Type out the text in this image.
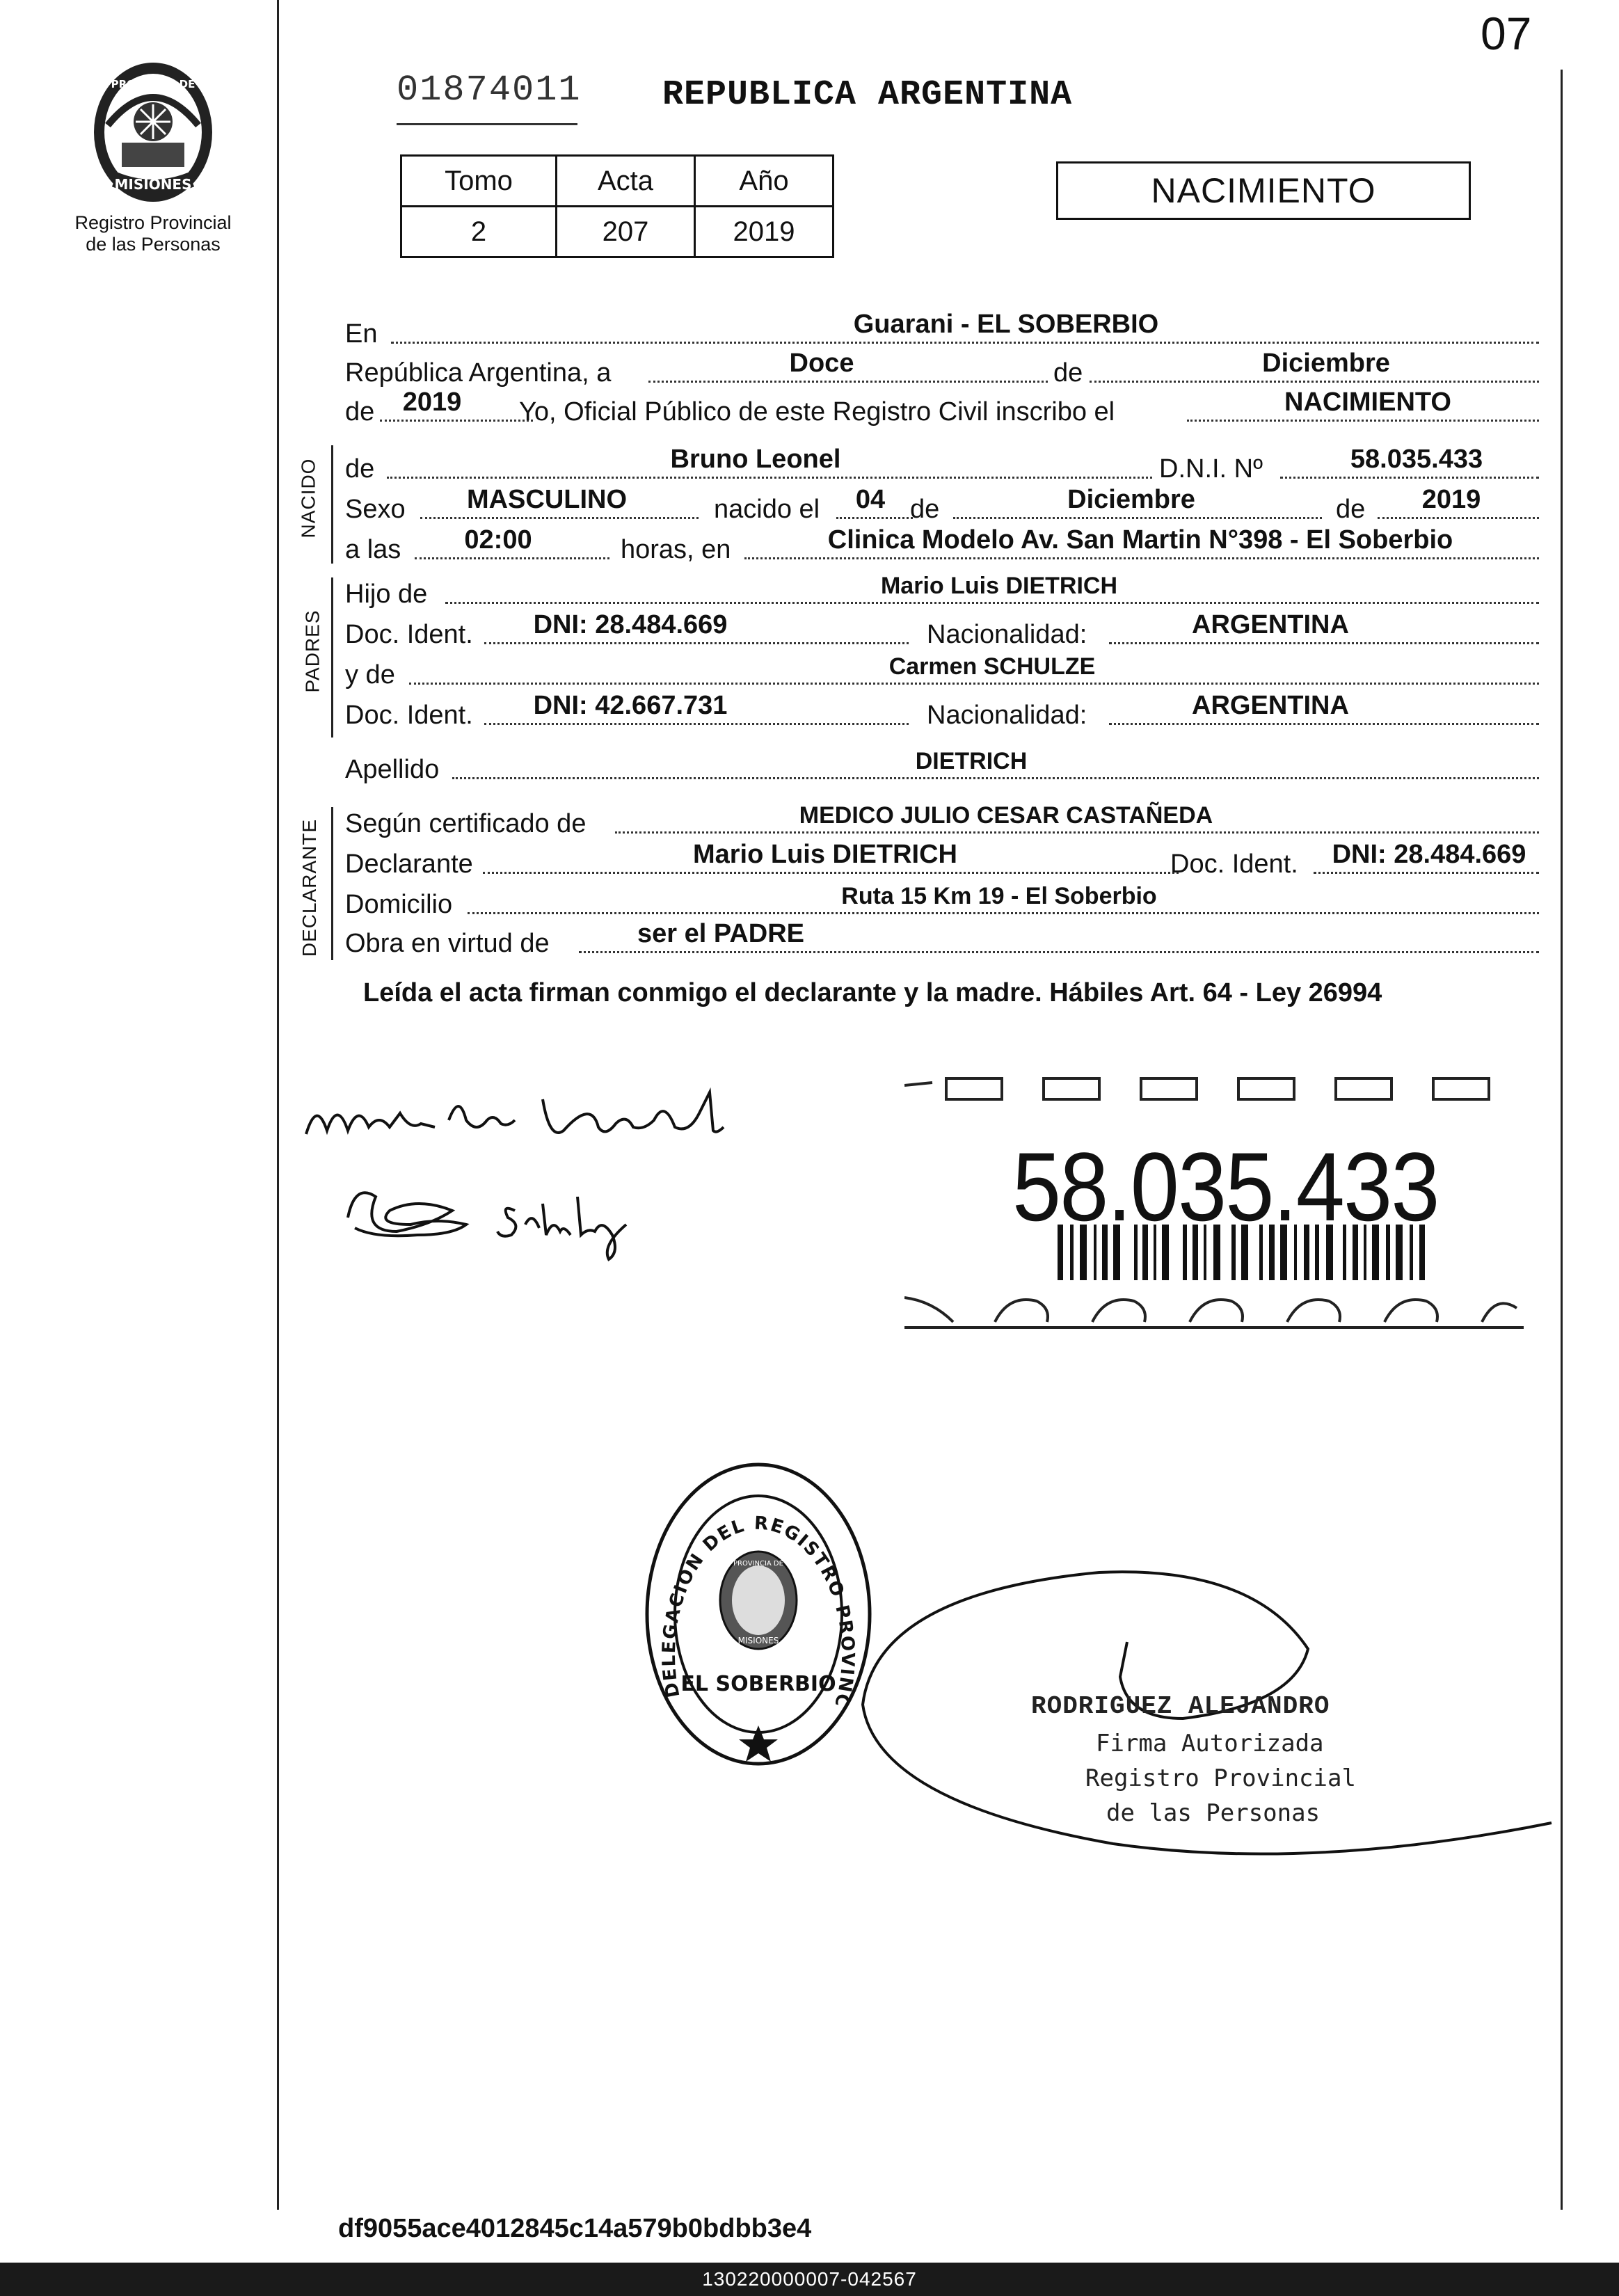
07
PROVINCIA DE
MISIONES
Registro Provincial
de las Personas
01874011 REPUBLICA ARGENTINA
Tomo	Acta	Año
2	207	2019
NACIMIENTO
En	Guarani - EL SOBERBIO
República Argentina, a	Doce	de	Diciembre
de	2019	Yo, Oficial Público de este Registro Civil inscribo el	NACIMIENTO
NACIDO de	Bruno Leonel	D.N.I. Nº	58.035.433
Sexo	MASCULINO	nacido el	04 de	Diciembre	de	2019
a las	02:00	horas, en	Clinica Modelo Av. San Martin N°398 - El Soberbio
PADRES
Hijo de	Mario Luis DIETRICH
Doc. Ident.	DNI: 28.484.669	Nacionalidad:	ARGENTINA
y de	Carmen SCHULZE
Doc. Ident.	DNI: 42.667.731	Nacionalidad:	ARGENTINA
Apellido	DIETRICH
DECLARANTE Según certificado de	MEDICO JULIO CESAR CASTAÑEDA
Declarante	Mario Luis DIETRICH	Doc. Ident.	DNI: 28.484.669
Domicilio	Ruta 15 Km 19 - El Soberbio
Obra en virtud de	ser el PADRE
Leída el acta firman conmigo el declarante y la madre. Hábiles Art. 64 - Ley 26994
58.035.433
DELEGACION DEL REGISTRO PROVINC
PROVINCIA DE
MISIONES
EL SOBERBIO
RODRIGUEZ ALEJANDRO
Firma Autorizada
Registro Provincial
de las Personas
df9055ace4012845c14a579b0bdbb3e4
130220000007-042567
